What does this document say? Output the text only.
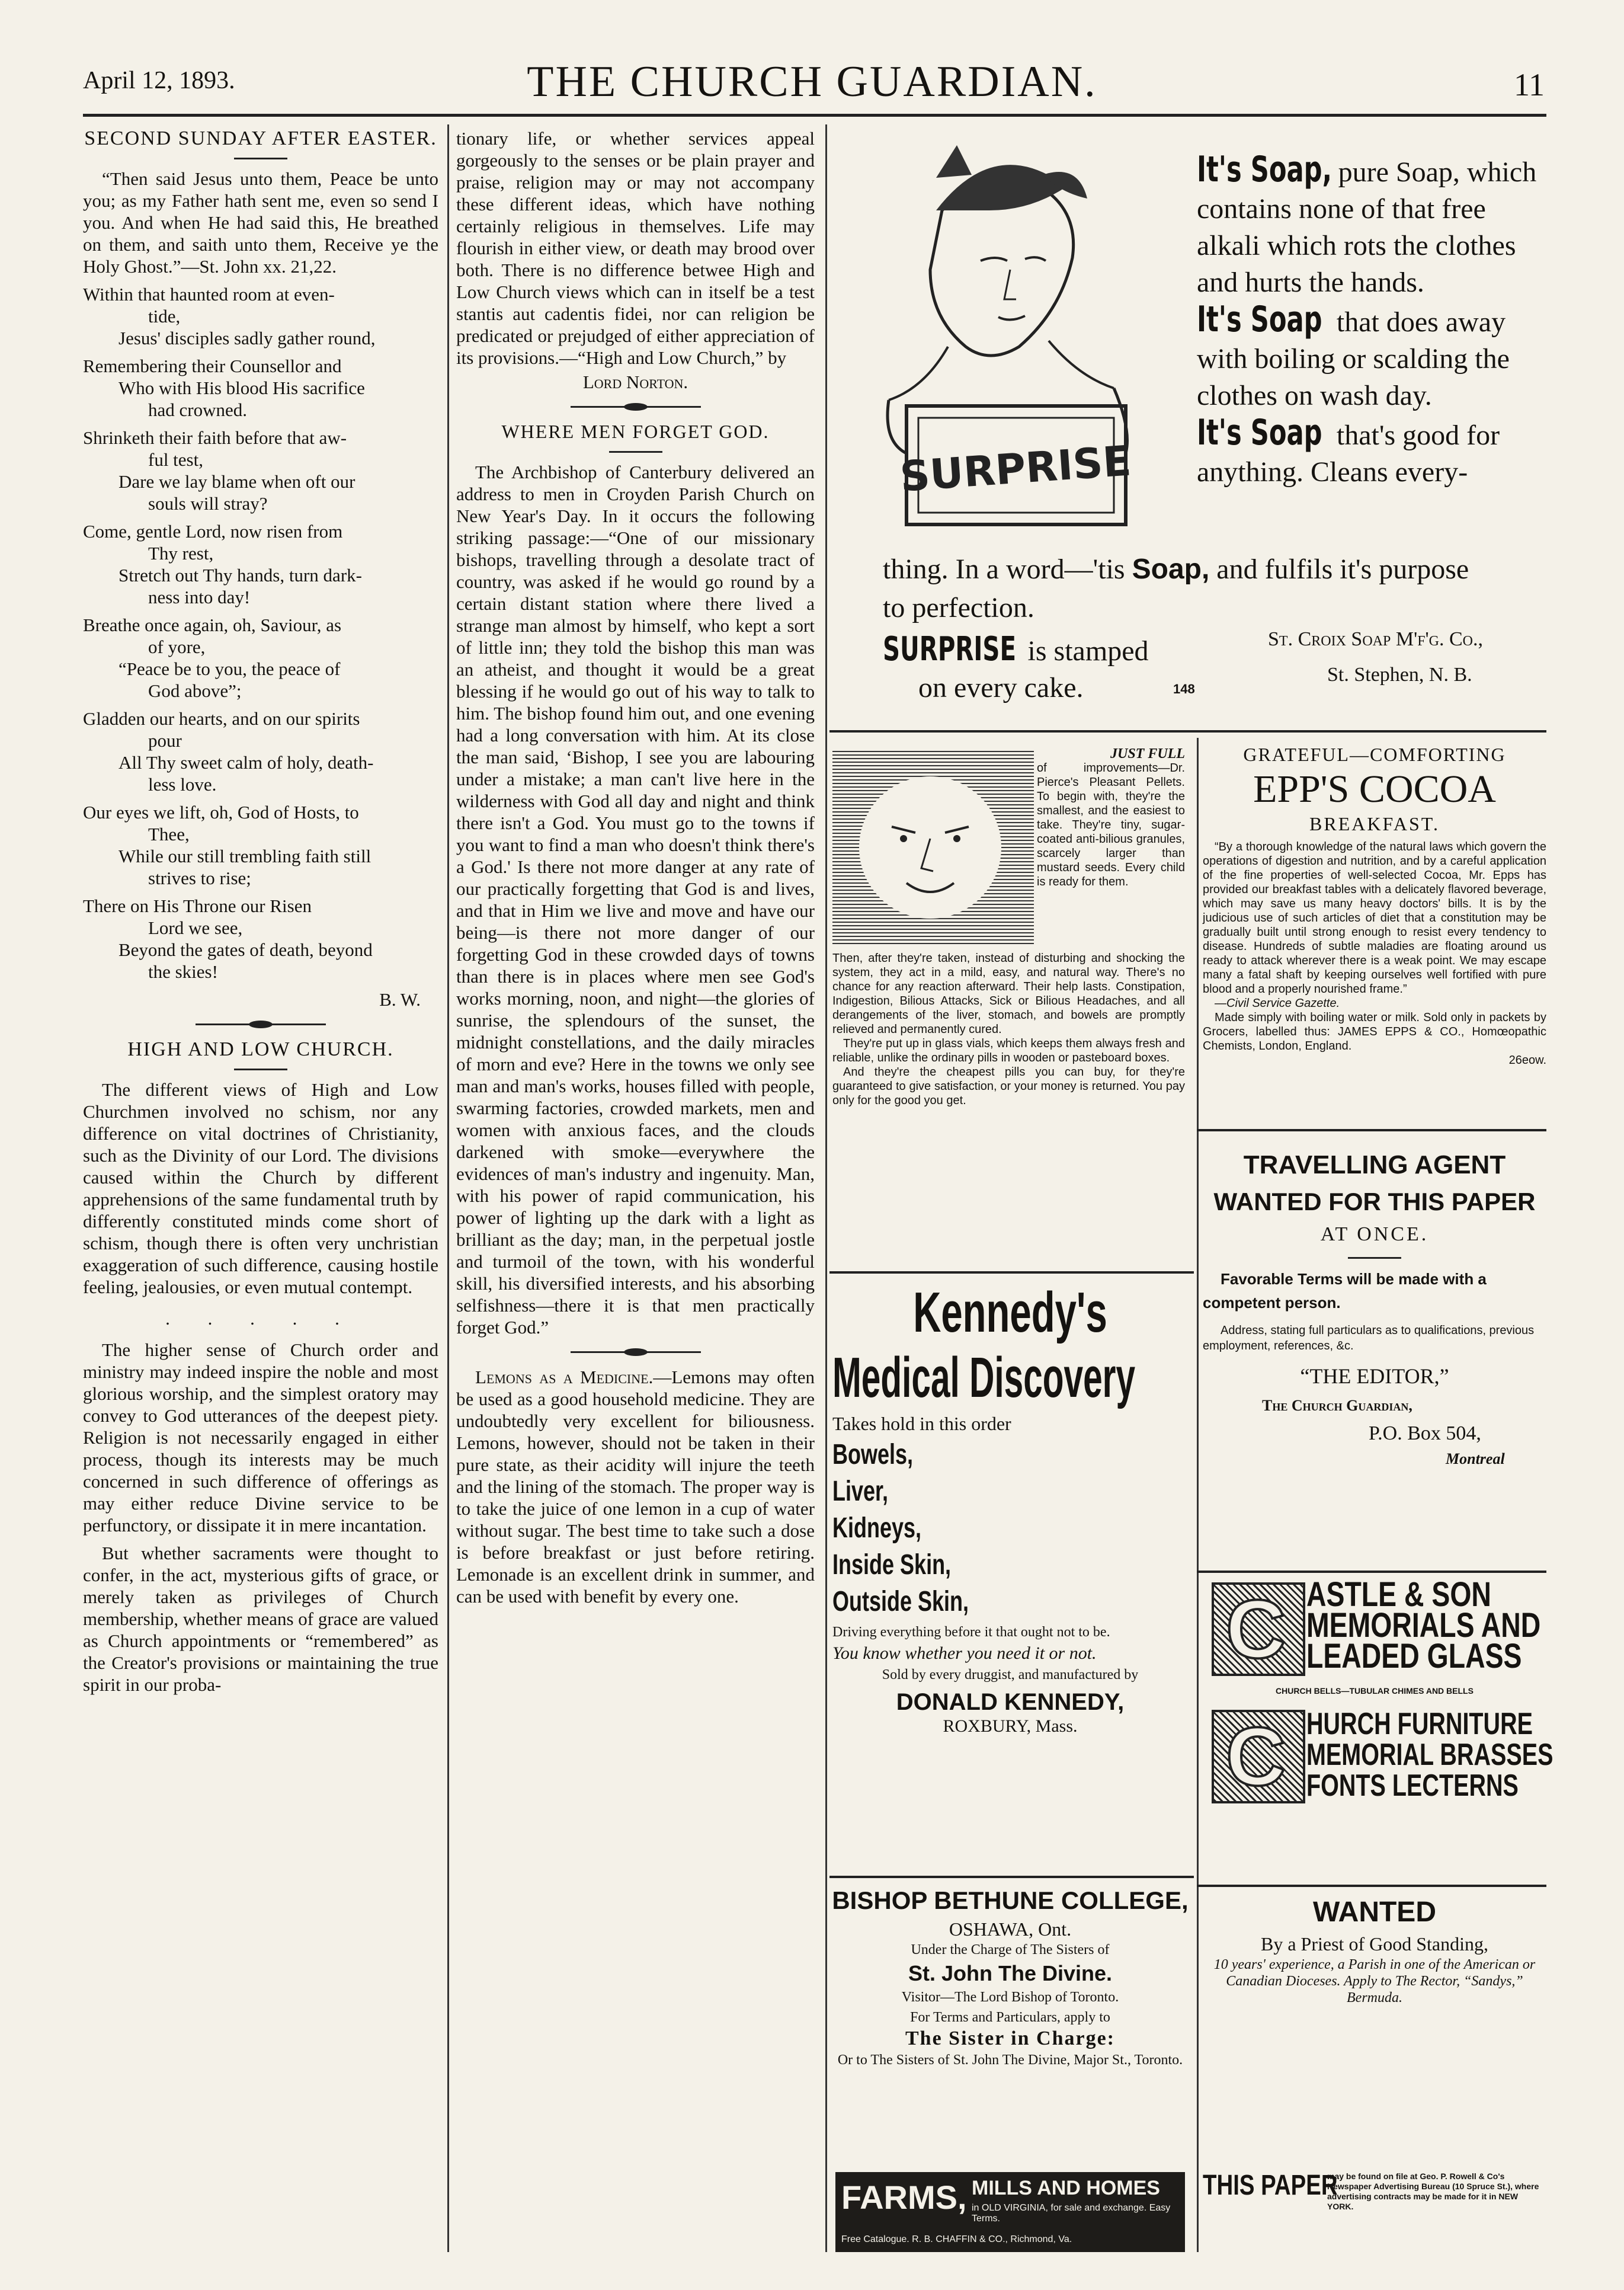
April 12, 1893.	THE CHURCH GUARDIAN.	11
SECOND SUNDAY AFTER EASTER.

“Then said Jesus unto them, Peace be unto you; as my Father hath sent me, even so send I you. And when He had said this, He breathed on them, and saith unto them, Receive ye the Holy Ghost.”—St. John xx. 21,22.

Within that haunted room at even-
tide,
Jesus' disciples sadly gather round,
Remembering their Counsellor and
Who with His blood His sacrifice
had crowned.
Shrinketh their faith before that aw-
ful test,
Dare we lay blame when oft our
souls will stray?
Come, gentle Lord, now risen from
Thy rest,
Stretch out Thy hands, turn dark-
ness into day!
Breathe once again, oh, Saviour, as
of yore,
“Peace be to you, the peace of
God above”;
Gladden our hearts, and on our spirits
pour
All Thy sweet calm of holy, death-
less love.
Our eyes we lift, oh, God of Hosts, to
Thee,
While our still trembling faith still
strives to rise;
There on His Throne our Risen
Lord we see,
Beyond the gates of death, beyond
the skies!
B. W.
HIGH AND LOW CHURCH.

The different views of High and Low Churchmen involved no schism, nor any difference on vital doctrines of Christianity, such as the Divinity of our Lord. The divisions caused within the Church by different apprehensions of the same fundamental truth by differently constituted minds come short of schism, though there is often very unchristian exaggeration of such difference, causing hostile feeling, jealousies, or even mutual contempt.

. . . . .

The higher sense of Church order and ministry may indeed inspire the noble and most glorious worship, and the simplest oratory may convey to God utterances of the deepest piety. Religion is not necessarily engaged in either process, though its interests may be much concerned in such difference of offerings as may either reduce Divine service to be perfunctory, or dissipate it in mere incantation.

But whether sacraments were thought to confer, in the act, mysterious gifts of grace, or merely taken as privileges of Church membership, whether means of grace are valued as Church appointments or “remembered” as the Creator's provisions or maintaining the true spirit in our proba-

tionary life, or whether services appeal gorgeously to the senses or be plain prayer and praise, religion may or may not accompany these different ideas, which have nothing certainly religious in themselves. Life may flourish in either view, or death may brood over both. There is no difference betwee High and Low Church views which can in itself be a test stantis aut cadentis fidei, nor can religion be predicated or prejudged of either appreciation of its provisions.—“High and Low Church,” by

Lord Norton.
WHERE MEN FORGET GOD.

The Archbishop of Canterbury delivered an address to men in Croyden Parish Church on New Year's Day. In it occurs the following striking passage:—“One of our missionary bishops, travelling through a desolate tract of country, was asked if he would go round by a certain distant station where there lived a strange man almost by himself, who kept a sort of little inn; they told the bishop this man was an atheist, and thought it would be a great blessing if he would go out of his way to talk to him. The bishop found him out, and one evening had a long conversation with him. At its close the man said, ‘Bishop, I see you are labouring under a mistake; a man can't live here in the wilderness with God all day and night and think there isn't a God. You must go to the towns if you want to find a man who doesn't think there's a God.' Is there not more danger at any rate of our practically forgetting that God is and lives, and that in Him we live and move and have our being—is there not more danger of our forgetting God in these crowded days of towns than there is in places where men see God's works morning, noon, and night—the glories of sunrise, the splendours of the sunset, the midnight constellations, and the daily miracles of morn and eve? Here in the towns we only see man and man's works, houses filled with people, swarming factories, crowded markets, men and women with anxious faces, and the clouds darkened with smoke—everywhere the evidences of man's industry and ingenuity. Man, with his power of rapid communication, his power of lighting up the dark with a light as brilliant as the day; man, in the perpetual jostle and turmoil of the town, with his wonderful skill, his diversified interests, and his absorbing selfishness—there it is that men practically forget God.”

Lemons as a Medicine.—Lemons may often be used as a good household medicine. They are undoubtedly very excellent for biliousness. Lemons, however, should not be taken in their pure state, as their acidity will injure the teeth and the lining of the stomach. The proper way is to take the juice of one lemon in a cup of water without sugar. The best time to take such a dose is before breakfast or just before retiring. Lemonade is an excellent drink in summer, and can be used with benefit by every one.

SURPRISE
It's Soap, pure Soap, which
contains none of that free
alkali which rots the clothes
and hurts the hands.
It's Soap that does away
with boiling or scalding the
clothes on wash day.
It's Soap that's good for
anything. Cleans every-
thing. In a word—'tis Soap, and fulfils it's purpose
to perfection.
SURPRISE is stamped
on every cake.	148
St. Croix Soap M'f'g. Co.,
St. Stephen, N. B.
JUST FULL
of improvements—Dr. Pierce's Pleasant Pellets. To begin with, they're the smallest, and the easiest to take. They're tiny, sugar-coated anti-bilious granules, scarcely larger than mustard seeds. Every child is ready for them.
Then, after they're taken, instead of disturbing and shocking the system, they act in a mild, easy, and natural way. There's no chance for any reaction afterward. Their help lasts. Constipation, Indigestion, Bilious Attacks, Sick or Bilious Headaches, and all derangements of the liver, stomach, and bowels are promptly relieved and permanently cured.
They're put up in glass vials, which keeps them always fresh and reliable, unlike the ordinary pills in wooden or pasteboard boxes.
And they're the cheapest pills you can buy, for they're guaranteed to give satisfaction, or your money is returned. You pay only for the good you get.
Kennedy's
Medical Discovery
Takes hold in this order
Bowels,
Liver,
Kidneys,
Inside Skin,
Outside Skin,
Driving everything before it that ought not to be.
You know whether you need it or not.
Sold by every druggist, and manufactured by
DONALD KENNEDY,
ROXBURY, Mass.
BISHOP BETHUNE COLLEGE,
OSHAWA, Ont.
Under the Charge of The Sisters of
St. John The Divine.
Visitor—The Lord Bishop of Toronto.
For Terms and Particulars, apply to
The Sister in Charge:
Or to The Sisters of St. John The Divine, Major St., Toronto.
FARMS, MILLS AND HOMES
in OLD VIRGINIA, for sale and exchange. Easy Terms.
Free Catalogue. R. B. CHAFFIN & CO., Richmond, Va.
GRATEFUL—COMFORTING
EPP'S COCOA
BREAKFAST.
“By a thorough knowledge of the natural laws which govern the operations of digestion and nutrition, and by a careful application of the fine properties of well-selected Cocoa, Mr. Epps has provided our breakfast tables with a delicately flavored beverage, which may save us many heavy doctors' bills. It is by the judicious use of such articles of diet that a constitution may be gradually built until strong enough to resist every tendency to disease. Hundreds of subtle maladies are floating around us ready to attack wherever there is a weak point. We may escape many a fatal shaft by keeping ourselves well fortified with pure blood and a properly nourished frame.”
—Civil Service Gazette.
Made simply with boiling water or milk. Sold only in packets by Grocers, labelled thus: JAMES EPPS & CO., Homœopathic Chemists, London, England.
26eow.
TRAVELLING AGENT
WANTED FOR THIS PAPER
AT ONCE.
Favorable Terms will be made with a competent person.
Address, stating full particulars as to qualifications, previous employment, references, &c.
“THE EDITOR,”
The Church Guardian,
P.O. Box 504,
Montreal
C ASTLE & SON
MEMORIALS AND
LEADED GLASS
CHURCH BELLS—TUBULAR CHIMES AND BELLS
C HURCH FURNITURE
MEMORIAL BRASSES
FONTS LECTERNS
WANTED
By a Priest of Good Standing,
10 years' experience, a Parish in one of the American or Canadian Dioceses. Apply to The Rector, “Sandys,” Bermuda.
THIS PAPER
may be found on file at Geo. P. Rowell & Co's Newspaper Advertising Bureau (10 Spruce St.), where advertising contracts may be made for it in NEW YORK.
